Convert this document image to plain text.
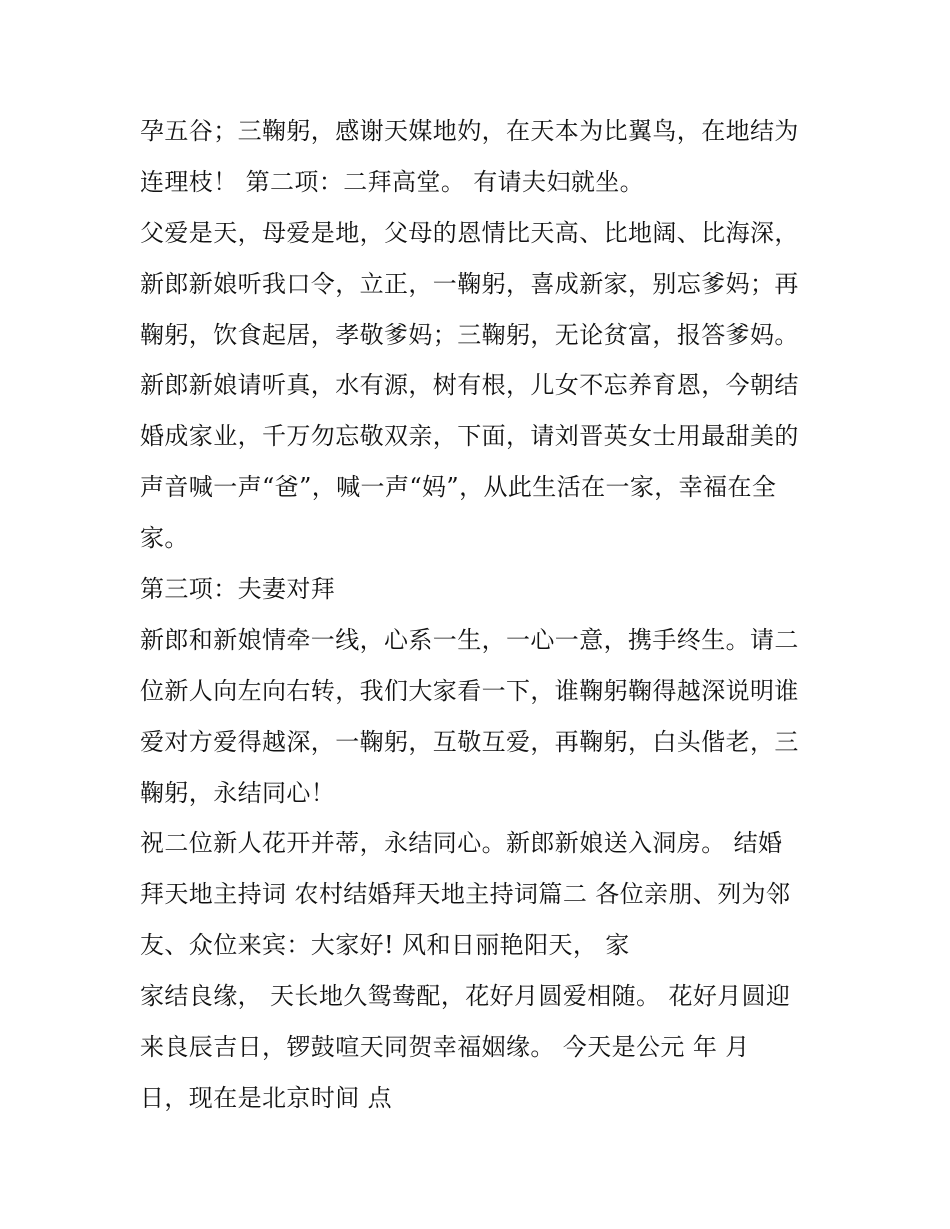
孕五谷；三鞠躬，感谢天媒地妁，在天本为比翼鸟，在地结为
连理枝！ 第二项：二拜高堂。 有请夫妇就坐。
父爱是天，母爱是地，父母的恩情比天高、比地阔、比海深，
新郎新娘听我口令，立正，一鞠躬，喜成新家，别忘爹妈；再
鞠躬，饮食起居，孝敬爹妈；三鞠躬，无论贫富，报答爹妈。
新郎新娘请听真，水有源，树有根，儿女不忘养育恩，今朝结
婚成家业，千万勿忘敬双亲，下面，请刘晋英女士用最甜美的
声音喊一声“爸”，喊一声“妈”，从此生活在一家，幸福在全
家。
第三项：夫妻对拜
新郎和新娘情牵一线，心系一生，一心一意，携手终生。请二
位新人向左向右转，我们大家看一下，谁鞠躬鞠得越深说明谁
爱对方爱得越深，一鞠躬，互敬互爱，再鞠躬，白头偕老，三
鞠躬，永结同心！
祝二位新人花开并蒂，永结同心。新郎新娘送入洞房。 结婚
拜天地主持词 农村结婚拜天地主持词篇二 各位亲朋、列为邻
友、众位来宾：大家好! 风和日丽艳阳天， 家
家结良缘， 天长地久鸳鸯配，花好月圆爱相随。 花好月圆迎
来良辰吉日，锣鼓喧天同贺幸福姻缘。 今天是公元 年 月
日，现在是北京时间 点
